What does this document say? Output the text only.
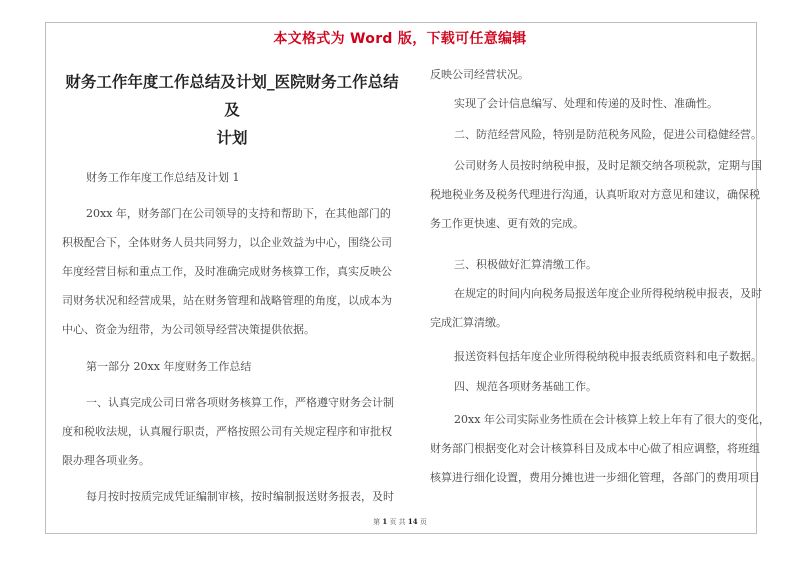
本文格式为 Word 版，下载可任意编辑
财务工作年度工作总结及计划_医院财务工作总结及
计划
财务工作年度工作总结及计划 1
20xx 年，财务部门在公司领导的支持和帮助下，在其他部门的
积极配合下，全体财务人员共同努力，以企业效益为中心，围绕公司
年度经营目标和重点工作，及时准确完成财务核算工作，真实反映公
司财务状况和经营成果，站在财务管理和战略管理的角度，以成本为
中心、资金为纽带，为公司领导经营决策提供依据。
第一部分 20xx 年度财务工作总结
一、认真完成公司日常各项财务核算工作，严格遵守财务会计制
度和税收法规，认真履行职责，严格按照公司有关规定程序和审批权
限办理各项业务。
每月按时按质完成凭证编制审核，按时编制报送财务报表，及时
反映公司经营状况。
实现了会计信息编写、处理和传递的及时性、准确性。
二、防范经营风险，特别是防范税务风险，促进公司稳健经营。
公司财务人员按时纳税申报，及时足额交纳各项税款，定期与国
税地税业务及税务代理进行沟通，认真听取对方意见和建议，确保税
务工作更快速、更有效的完成。
三、积极做好汇算清缴工作。
在规定的时间内向税务局报送年度企业所得税纳税申报表，及时
完成汇算清缴。
报送资料包括年度企业所得税纳税申报表纸质资料和电子数据。
四、规范各项财务基础工作。
20xx 年公司实际业务性质在会计核算上较上年有了很大的变化，
财务部门根据变化对会计核算科目及成本中心做了相应调整，将班组
核算进行细化设置，费用分摊也进一步细化管理，各部门的费用项目
第 1 页 共 14 页
